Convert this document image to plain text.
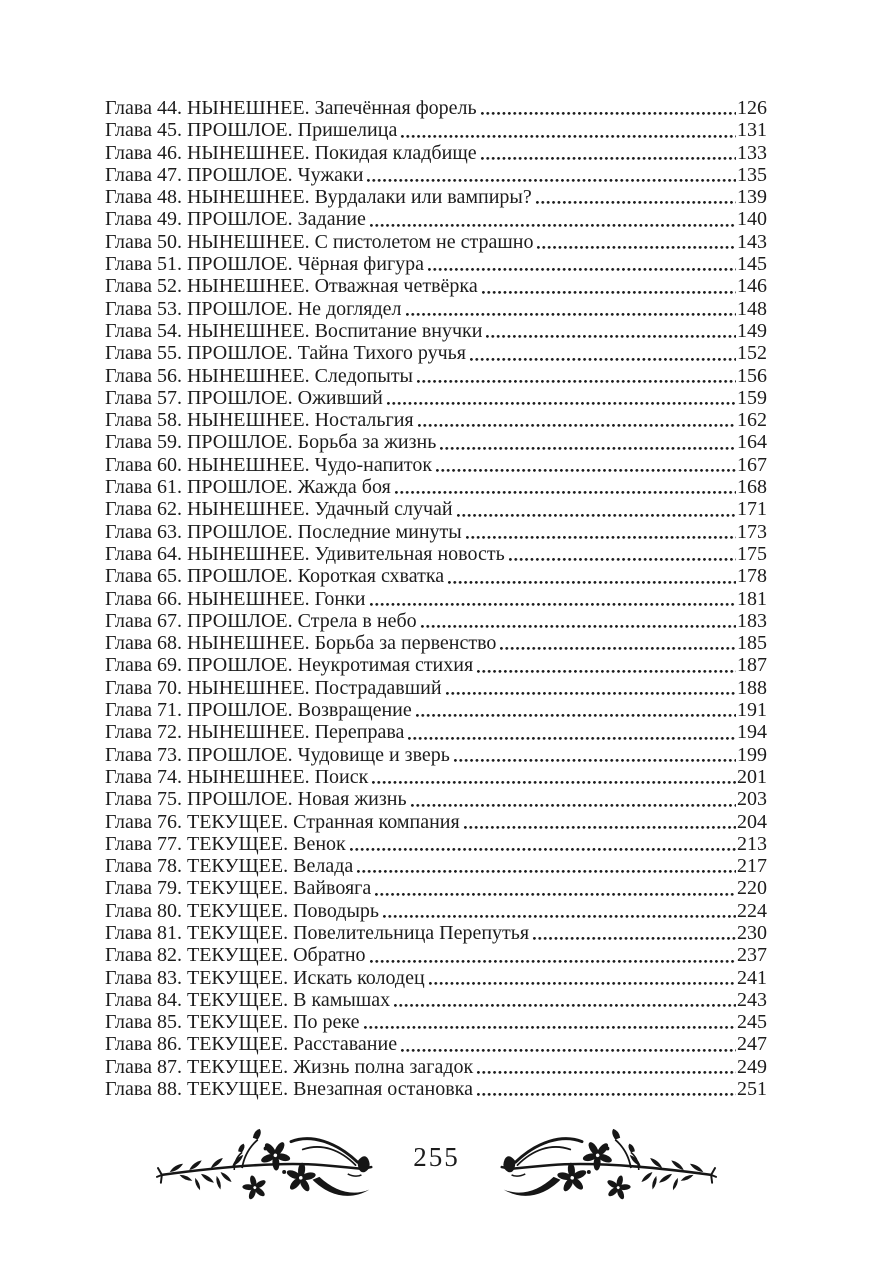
Глава 44. НЫНЕШНЕЕ. Запечённая форель	126
Глава 45. ПРОШЛОЕ. Пришелица	131
Глава 46. НЫНЕШНЕЕ. Покидая кладбище	133
Глава 47. ПРОШЛОЕ. Чужаки	135
Глава 48. НЫНЕШНЕЕ. Вурдалаки или вампиры?	139
Глава 49. ПРОШЛОЕ. Задание	140
Глава 50. НЫНЕШНЕЕ. С пистолетом не страшно	143
Глава 51. ПРОШЛОЕ. Чёрная фигура	145
Глава 52. НЫНЕШНЕЕ. Отважная четвёрка	146
Глава 53. ПРОШЛОЕ. Не доглядел	148
Глава 54. НЫНЕШНЕЕ. Воспитание внучки	149
Глава 55. ПРОШЛОЕ. Тайна Тихого ручья	152
Глава 56. НЫНЕШНЕЕ. Следопыты	156
Глава 57. ПРОШЛОЕ. Оживший	159
Глава 58. НЫНЕШНЕЕ. Ностальгия	162
Глава 59. ПРОШЛОЕ. Борьба за жизнь	164
Глава 60. НЫНЕШНЕЕ. Чудо-напиток	167
Глава 61. ПРОШЛОЕ. Жажда боя	168
Глава 62. НЫНЕШНЕЕ. Удачный случай	171
Глава 63. ПРОШЛОЕ. Последние минуты	173
Глава 64. НЫНЕШНЕЕ. Удивительная новость	175
Глава 65. ПРОШЛОЕ. Короткая схватка	178
Глава 66. НЫНЕШНЕЕ. Гонки	181
Глава 67. ПРОШЛОЕ. Стрела в небо	183
Глава 68. НЫНЕШНЕЕ. Борьба за первенство	185
Глава 69. ПРОШЛОЕ. Неукротимая стихия	187
Глава 70. НЫНЕШНЕЕ. Пострадавший	188
Глава 71. ПРОШЛОЕ. Возвращение	191
Глава 72. НЫНЕШНЕЕ. Переправа	194
Глава 73. ПРОШЛОЕ. Чудовище и зверь	199
Глава 74. НЫНЕШНЕЕ. Поиск	201
Глава 75. ПРОШЛОЕ. Новая жизнь	203
Глава 76. ТЕКУЩЕЕ. Странная компания	204
Глава 77. ТЕКУЩЕЕ. Венок	213
Глава 78. ТЕКУЩЕЕ. Велада	217
Глава 79. ТЕКУЩЕЕ. Вайвояга	220
Глава 80. ТЕКУЩЕЕ. Поводырь	224
Глава 81. ТЕКУЩЕЕ. Повелительница Перепутья	230
Глава 82. ТЕКУЩЕЕ. Обратно	237
Глава 83. ТЕКУЩЕЕ. Искать колодец	241
Глава 84. ТЕКУЩЕЕ. В камышах	243
Глава 85. ТЕКУЩЕЕ. По реке	245
Глава 86. ТЕКУЩЕЕ. Расставание	247
Глава 87. ТЕКУЩЕЕ. Жизнь полна загадок	249
Глава 88. ТЕКУЩЕЕ. Внезапная остановка	251
255
